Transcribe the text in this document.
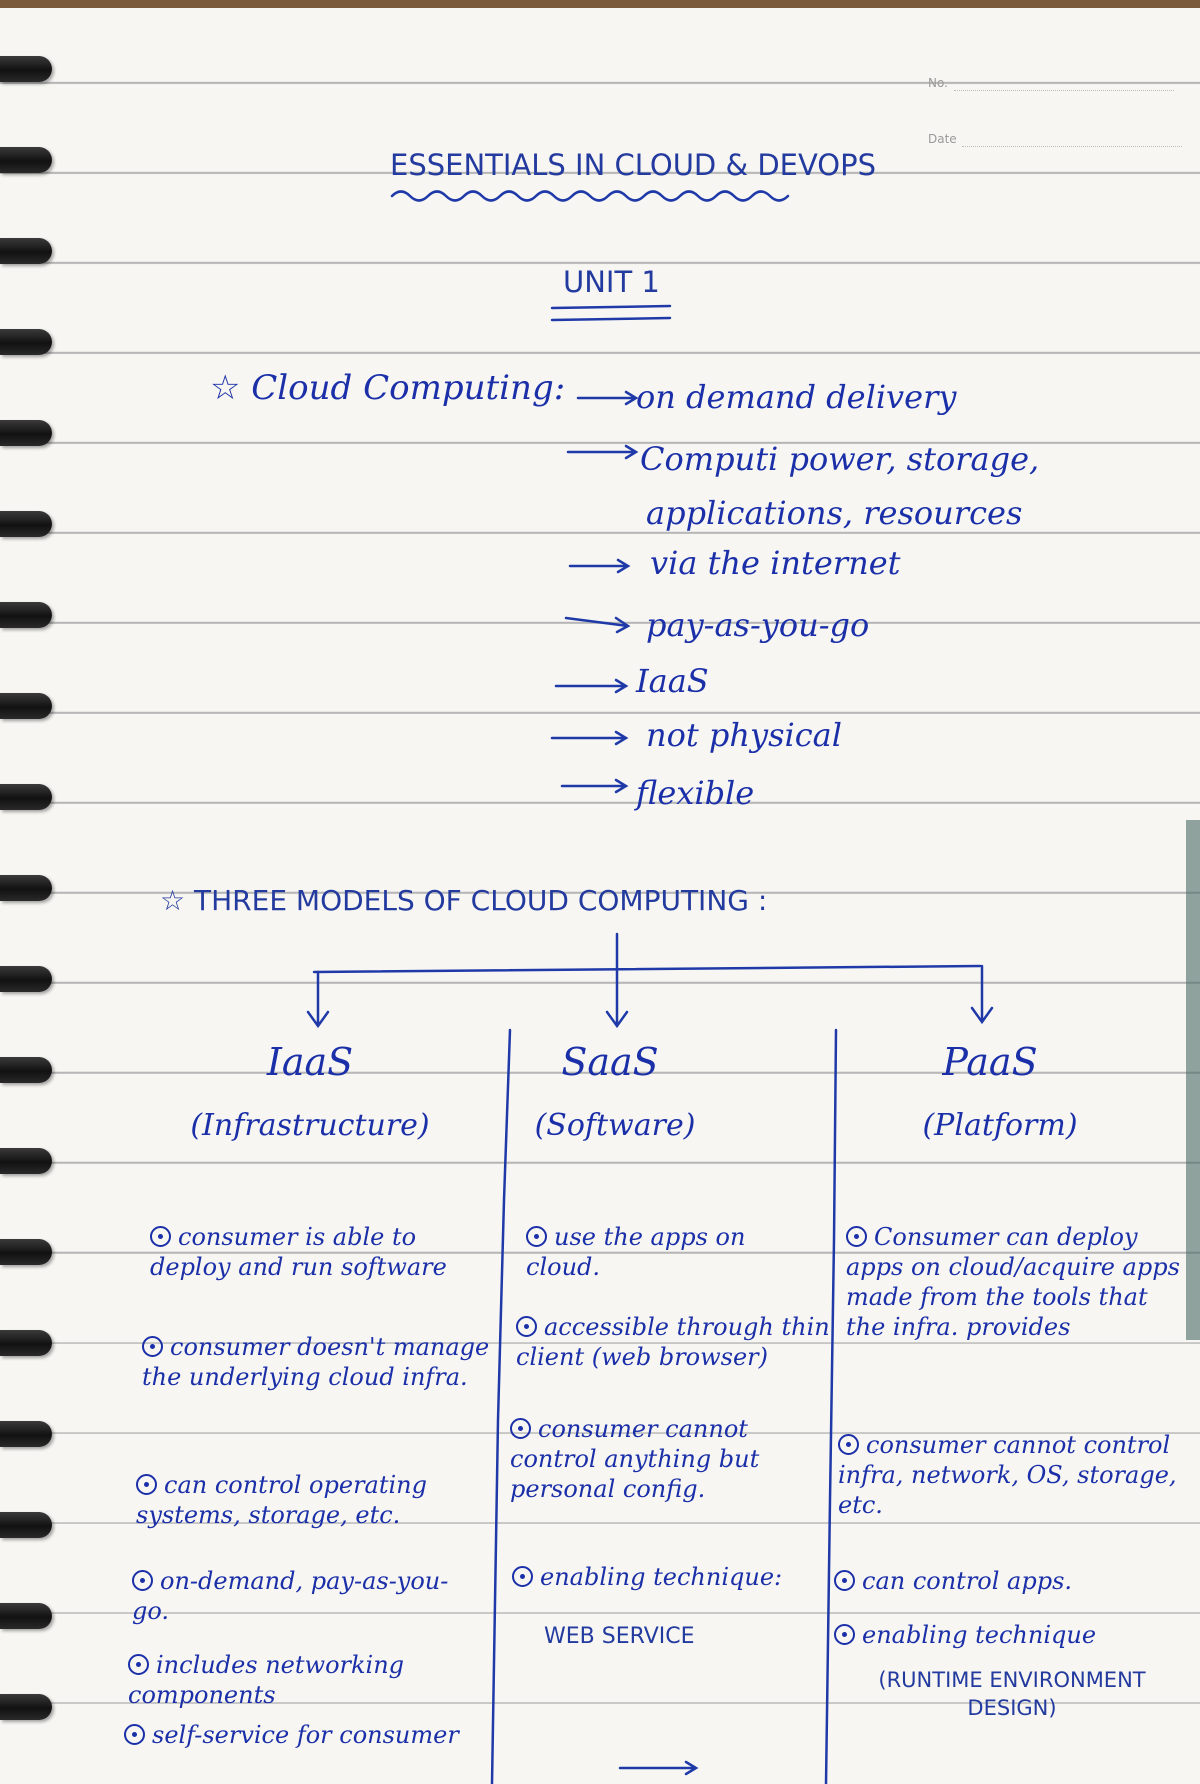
No.
Date
ESSENTIALS IN CLOUD & DEVOPS
UNIT 1
☆ Cloud Computing: on demand delivery
Computi power, storage,
applications, resources
via the internet
pay-as-you-go
IaaS
not physical
flexible
☆ THREE MODELS OF CLOUD COMPUTING :
IaaS
(Infrastructure)
SaaS
(Software)
PaaS
(Platform)
consumer is able to deploy and run software
consumer doesn't manage the underlying cloud infra.
can control operating systems, storage, etc.
on-demand, pay-as-you-go.
includes networking components
self-service for consumer
use the apps on cloud.
accessible through thin client (web browser)
consumer cannot control anything but personal config.
enabling technique:
WEB SERVICE
Consumer can deploy apps on cloud/acquire apps made from the tools that the infra. provides
consumer cannot control infra, network, OS, storage, etc.
can control apps.
enabling technique
(RUNTIME ENVIRONMENT DESIGN)
